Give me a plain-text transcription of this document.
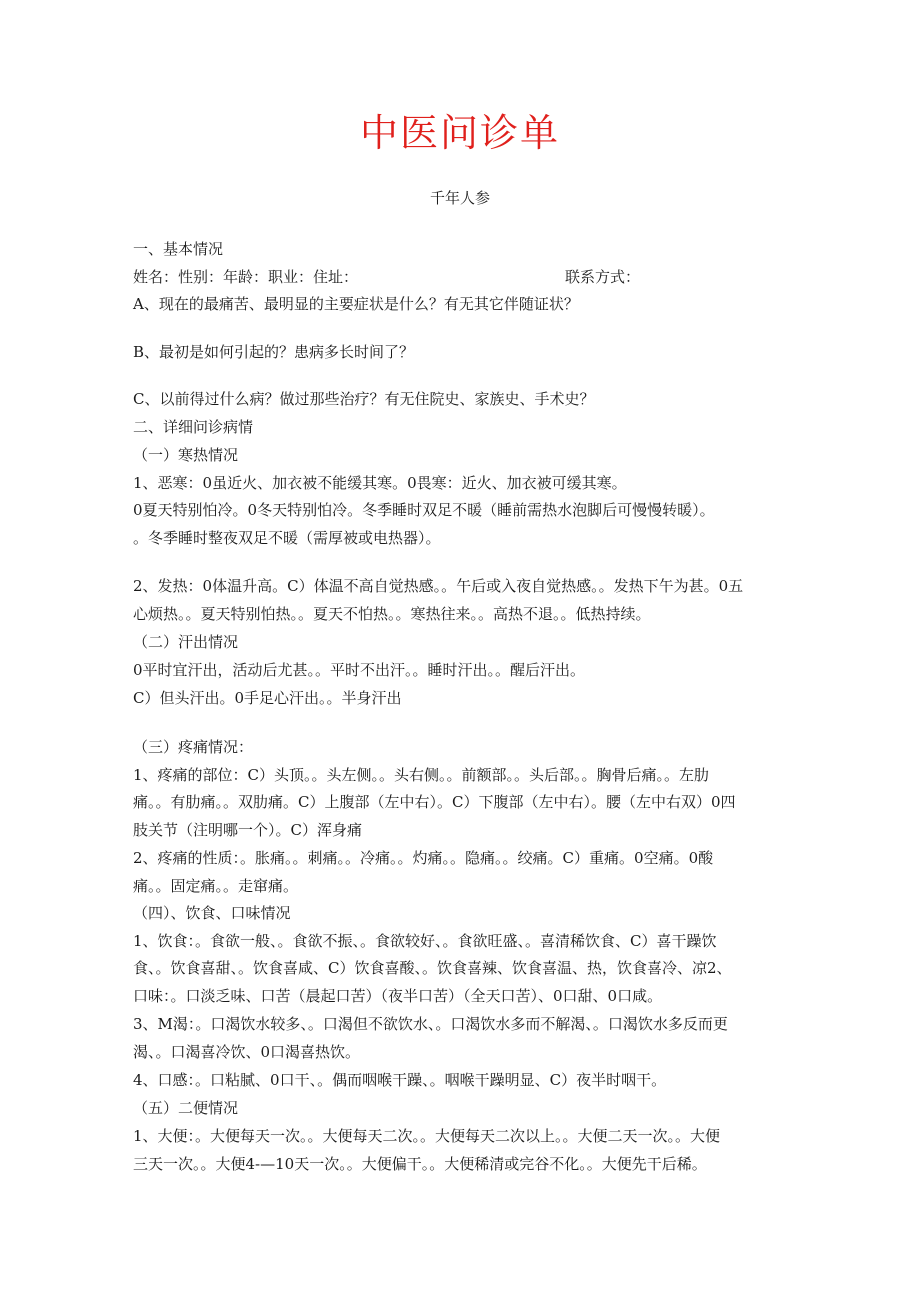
中医问诊单
千年人参
一、基本情况
姓名：性别：年龄：职业：住址：	联系方式：
A、现在的最痛苦、最明显的主要症状是什么？有无其它伴随证状？
B、最初是如何引起的？患病多长时间了？
C、以前得过什么病？做过那些治疗？有无住院史、家族史、手术史？
二、详细问诊病情
（一）寒热情况
1、恶寒：0虽近火、加衣被不能缓其寒。0畏寒：近火、加衣被可缓其寒。
0夏天特别怕冷。0冬天特别怕冷。冬季睡时双足不暖（睡前需热水泡脚后可慢慢转暖）。
。冬季睡时整夜双足不暖（需厚被或电热器）。
2、发热：0体温升高。C）体温不高自觉热感。。午后或入夜自觉热感。。发热下午为甚。0五
心烦热。。夏天特别怕热。。夏天不怕热。。寒热往来。。高热不退。。低热持续。
（二）汗出情况
0平时宜汗出，活动后尤甚。。平时不出汗。。睡时汗出。。醒后汗出。
C）但头汗出。0手足心汗出。。半身汗出
（三）疼痛情况：
1、疼痛的部位：C）头顶。。头左侧。。头右侧。。前额部。。头后部。。胸骨后痛。。左肋
痛。。有肋痛。。双肋痛。C）上腹部（左中右）。C）下腹部（左中右）。腰（左中右双）0四
肢关节（注明哪一个）。C）浑身痛
2、疼痛的性质：。胀痛。。刺痛。。冷痛。。灼痛。。隐痛。。绞痛。C）重痛。0空痛。0酸
痛。。固定痛。。走窜痛。
（四）、饮食、口味情况
1、饮食：。食欲一般、。食欲不振、。食欲较好、。食欲旺盛、。喜清稀饮食、C）喜干躁饮
食、。饮食喜甜、。饮食喜咸、C）饮食喜酸、。饮食喜辣、饮食喜温、热，饮食喜冷、凉2、
口味：。口淡乏味、口苦（晨起口苦）（夜半口苦）（全天口苦）、0口甜、0口咸。
3、M渴：。口渴饮水较多、。口渴但不欲饮水、。口渴饮水多而不解渴、。口渴饮水多反而更
渴、。口渴喜冷饮、0口渴喜热饮。
4、口感：。口粘腻、0口干、。偶而咽喉干躁、。咽喉干躁明显、C）夜半时咽干。
（五）二便情况
1、大便：。大便每天一次。。大便每天二次。。大便每天二次以上。。大便二天一次。。大便
三天一次。。大便4-—10天一次。。大便偏干。。大便稀清或完谷不化。。大便先干后稀。
